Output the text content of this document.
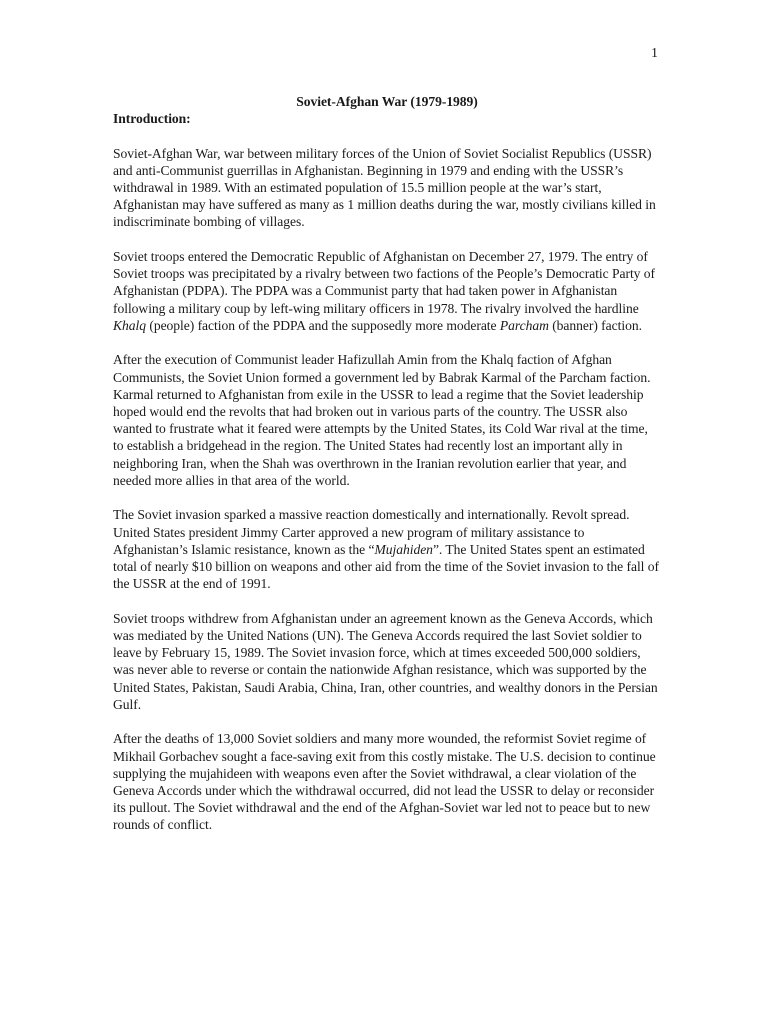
1
Soviet-Afghan War (1979-1989)
Introduction:

Soviet-Afghan War, war between military forces of the Union of Soviet Socialist Republics (USSR) and anti-Communist guerrillas in Afghanistan. Beginning in 1979 and ending with the USSR’s withdrawal in 1989. With an estimated population of 15.5 million people at the war’s start, Afghanistan may have suffered as many as 1 million deaths during the war, mostly civilians killed in indiscriminate bombing of villages.

Soviet troops entered the Democratic Republic of Afghanistan on December 27, 1979. The entry of Soviet troops was precipitated by a rivalry between two factions of the People’s Democratic Party of Afghanistan (PDPA). The PDPA was a Communist party that had taken power in Afghanistan following a military coup by left-wing military officers in 1978. The rivalry involved the hardline Khalq (people) faction of the PDPA and the supposedly more moderate Parcham (banner) faction.

After the execution of Communist leader Hafizullah Amin from the Khalq faction of Afghan Communists, the Soviet Union formed a government led by Babrak Karmal of the Parcham faction. Karmal returned to Afghanistan from exile in the USSR to lead a regime that the Soviet leadership hoped would end the revolts that had broken out in various parts of the country. The USSR also wanted to frustrate what it feared were attempts by the United States, its Cold War rival at the time, to establish a bridgehead in the region. The United States had recently lost an important ally in neighboring Iran, when the Shah was overthrown in the Iranian revolution earlier that year, and needed more allies in that area of the world.

The Soviet invasion sparked a massive reaction domestically and internationally. Revolt spread. United States president Jimmy Carter approved a new program of military assistance to Afghanistan’s Islamic resistance, known as the “Mujahiden”. The United States spent an estimated total of nearly $10 billion on weapons and other aid from the time of the Soviet invasion to the fall of the USSR at the end of 1991.

Soviet troops withdrew from Afghanistan under an agreement known as the Geneva Accords, which was mediated by the United Nations (UN). The Geneva Accords required the last Soviet soldier to leave by February 15, 1989. The Soviet invasion force, which at times exceeded 500,000 soldiers, was never able to reverse or contain the nationwide Afghan resistance, which was supported by the United States, Pakistan, Saudi Arabia, China, Iran, other countries, and wealthy donors in the Persian Gulf.

After the deaths of 13,000 Soviet soldiers and many more wounded, the reformist Soviet regime of Mikhail Gorbachev sought a face-saving exit from this costly mistake. The U.S. decision to continue supplying the mujahideen with weapons even after the Soviet withdrawal, a clear violation of the Geneva Accords under which the withdrawal occurred, did not lead the USSR to delay or reconsider its pullout. The Soviet withdrawal and the end of the Afghan-Soviet war led not to peace but to new rounds of conflict.
